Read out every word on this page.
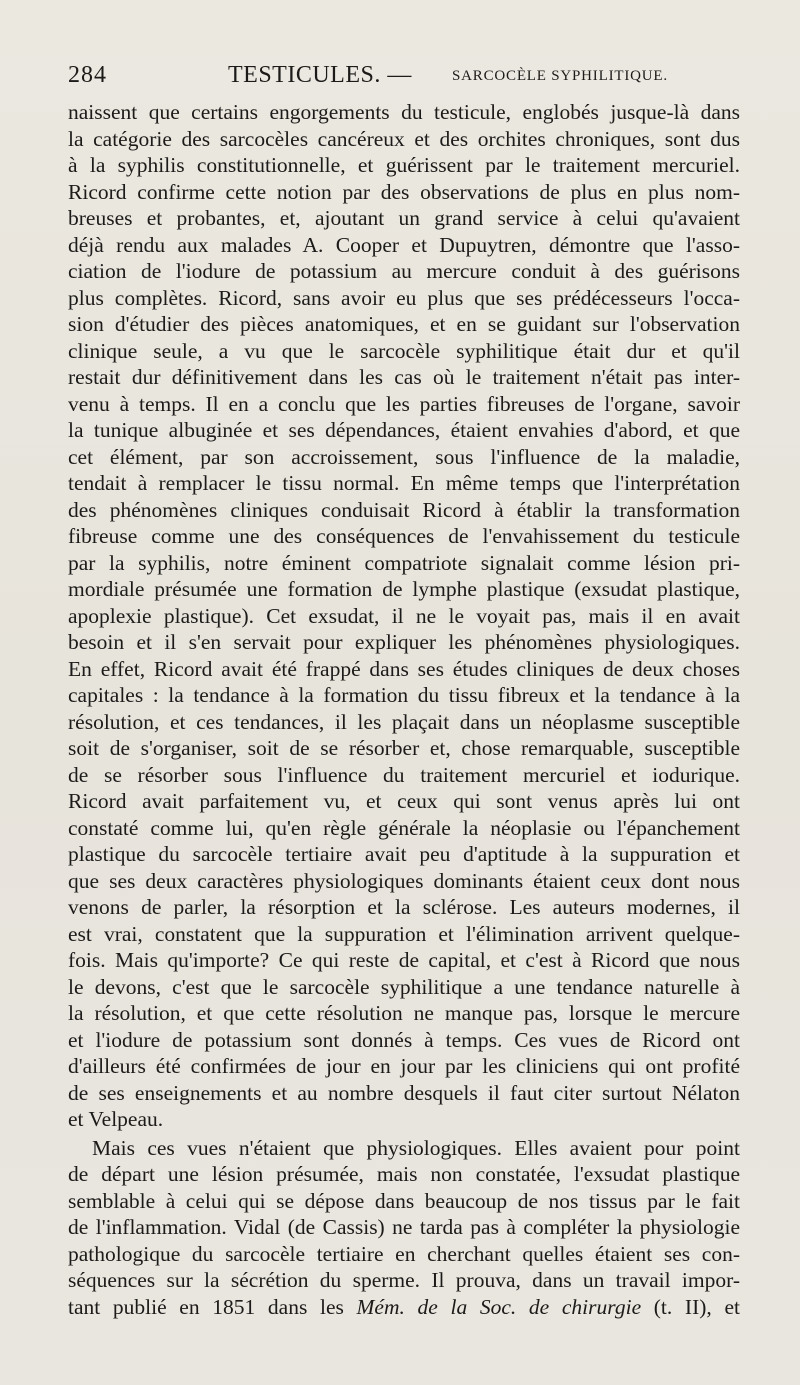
284	TESTICULES. —	SARCOCÈLE SYPHILITIQUE.
naissent que certains engorgements du testicule, englobés jusque-là dans
la catégorie des sarcocèles cancéreux et des orchites chroniques, sont dus
à la syphilis constitutionnelle, et guérissent par le traitement mercuriel.
Ricord confirme cette notion par des observations de plus en plus nom-
breuses et probantes, et, ajoutant un grand service à celui qu'avaient
déjà rendu aux malades A. Cooper et Dupuytren, démontre que l'asso-
ciation de l'iodure de potassium au mercure conduit à des guérisons
plus complètes. Ricord, sans avoir eu plus que ses prédécesseurs l'occa-
sion d'étudier des pièces anatomiques, et en se guidant sur l'observation
clinique seule, a vu que le sarcocèle syphilitique était dur et qu'il
restait dur définitivement dans les cas où le traitement n'était pas inter-
venu à temps. Il en a conclu que les parties fibreuses de l'organe, savoir
la tunique albuginée et ses dépendances, étaient envahies d'abord, et que
cet élément, par son accroissement, sous l'influence de la maladie,
tendait à remplacer le tissu normal. En même temps que l'interprétation
des phénomènes cliniques conduisait Ricord à établir la transformation
fibreuse comme une des conséquences de l'envahissement du testicule
par la syphilis, notre éminent compatriote signalait comme lésion pri-
mordiale présumée une formation de lymphe plastique (exsudat plastique,
apoplexie plastique). Cet exsudat, il ne le voyait pas, mais il en avait
besoin et il s'en servait pour expliquer les phénomènes physiologiques.
En effet, Ricord avait été frappé dans ses études cliniques de deux choses
capitales : la tendance à la formation du tissu fibreux et la tendance à la
résolution, et ces tendances, il les plaçait dans un néoplasme susceptible
soit de s'organiser, soit de se résorber et, chose remarquable, susceptible
de se résorber sous l'influence du traitement mercuriel et iodurique.
Ricord avait parfaitement vu, et ceux qui sont venus après lui ont
constaté comme lui, qu'en règle générale la néoplasie ou l'épanchement
plastique du sarcocèle tertiaire avait peu d'aptitude à la suppuration et
que ses deux caractères physiologiques dominants étaient ceux dont nous
venons de parler, la résorption et la sclérose. Les auteurs modernes, il
est vrai, constatent que la suppuration et l'élimination arrivent quelque-
fois. Mais qu'importe? Ce qui reste de capital, et c'est à Ricord que nous
le devons, c'est que le sarcocèle syphilitique a une tendance naturelle à
la résolution, et que cette résolution ne manque pas, lorsque le mercure
et l'iodure de potassium sont donnés à temps. Ces vues de Ricord ont
d'ailleurs été confirmées de jour en jour par les cliniciens qui ont profité
de ses enseignements et au nombre desquels il faut citer surtout Nélaton
et Velpeau.
Mais ces vues n'étaient que physiologiques. Elles avaient pour point
de départ une lésion présumée, mais non constatée, l'exsudat plastique
semblable à celui qui se dépose dans beaucoup de nos tissus par le fait
de l'inflammation. Vidal (de Cassis) ne tarda pas à compléter la physiologie
pathologique du sarcocèle tertiaire en cherchant quelles étaient ses con-
séquences sur la sécrétion du sperme. Il prouva, dans un travail impor-
tant publié en 1851 dans les Mém. de la Soc. de chirurgie (t. II), et
